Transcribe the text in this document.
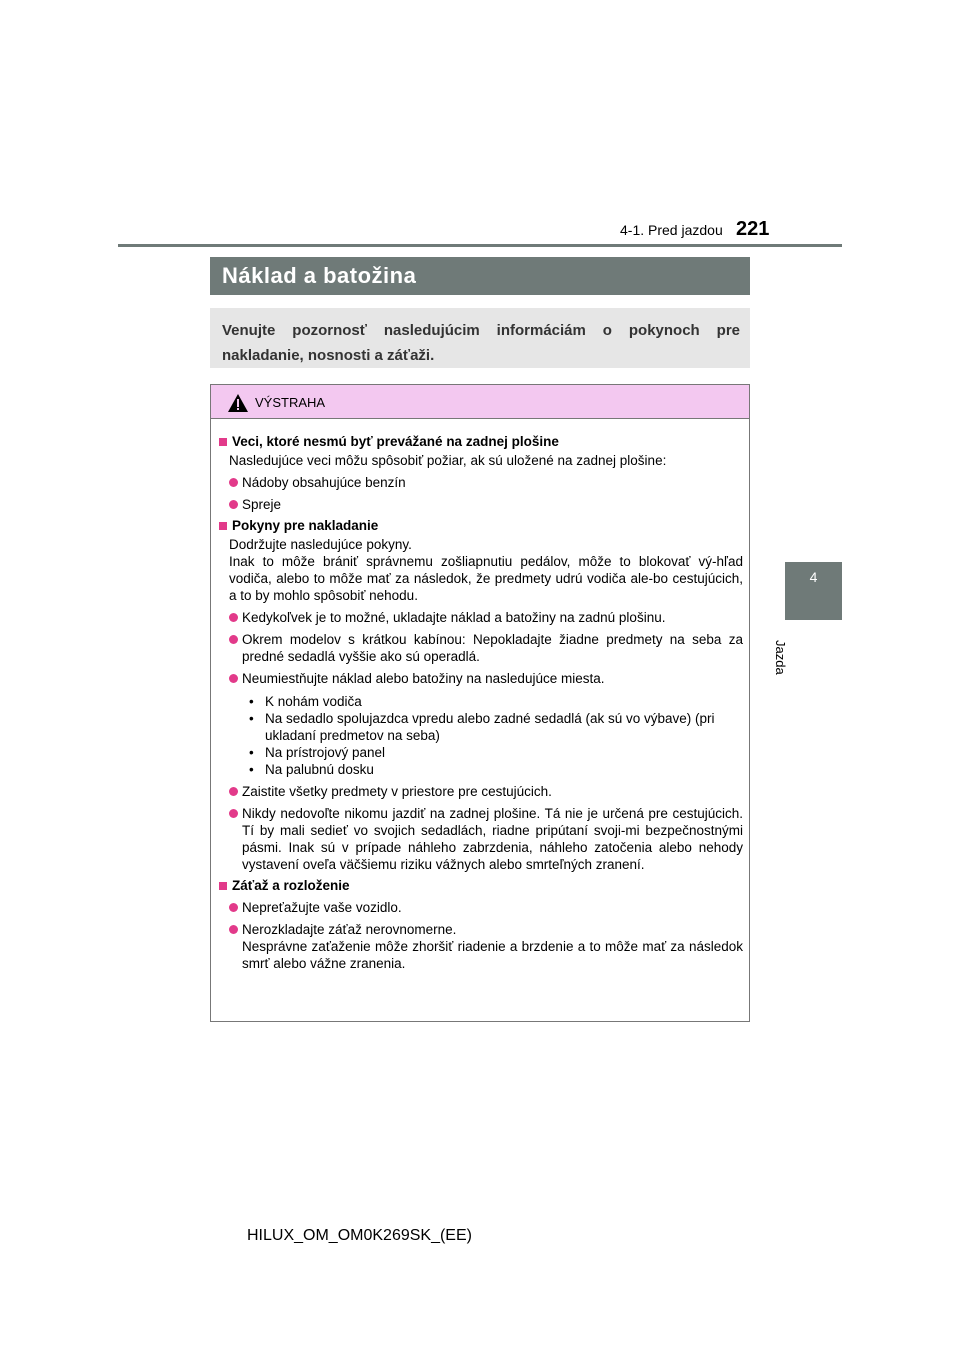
4-1. Pred jazdou 221
4
Jazda
Náklad a batožina

Venujte pozornosť nasledujúcim informáciám o pokynoch pre nakladanie, nosnosti a záťaži.

VÝSTRAHA
Veci, ktoré nesmú byť prevážané na zadnej plošine
Nasledujúce veci môžu spôsobiť požiar, ak sú uložené na zadnej plošine:
Nádoby obsahujúce benzín
Spreje
Pokyny pre nakladanie
Dodržujte nasledujúce pokyny.
Inak to môže brániť správnemu zošliapnutiu pedálov, môže to blokovať vý-hľad vodiča, alebo to môže mať za následok, že predmety udrú vodiča ale-bo cestujúcich, a to by mohlo spôsobiť nehodu.
Kedykoľvek je to možné, ukladajte náklad a batožiny na zadnú plošinu.
Okrem modelov s krátkou kabínou: Nepokladajte žiadne predmety na seba za predné sedadlá vyššie ako sú operadlá.
Neumiestňujte náklad alebo batožiny na nasledujúce miesta.
• K nohám vodiča
• Na sedadlo spolujazdca vpredu alebo zadné sedadlá (ak sú vo výbave) (pri ukladaní predmetov na seba)
• Na prístrojový panel
• Na palubnú dosku
Zaistite všetky predmety v priestore pre cestujúcich.
Nikdy nedovoľte nikomu jazdiť na zadnej plošine. Tá nie je určená pre cestujúcich. Tí by mali sedieť vo svojich sedadlách, riadne pripútaní svoji-mi bezpečnostnými pásmi. Inak sú v prípade náhleho zabrzdenia, náhleho zatočenia alebo nehody vystavení oveľa väčšiemu riziku vážnych alebo smrteľných zranení.
Záťaž a rozloženie
Nepreťažujte vaše vozidlo.
Nerozkladajte záťaž nerovnomerne.
Nesprávne zaťaženie môže zhoršiť riadenie a brzdenie a to môže mať za následok smrť alebo vážne zranenia.
HILUX_OM_OM0K269SK_(EE)
